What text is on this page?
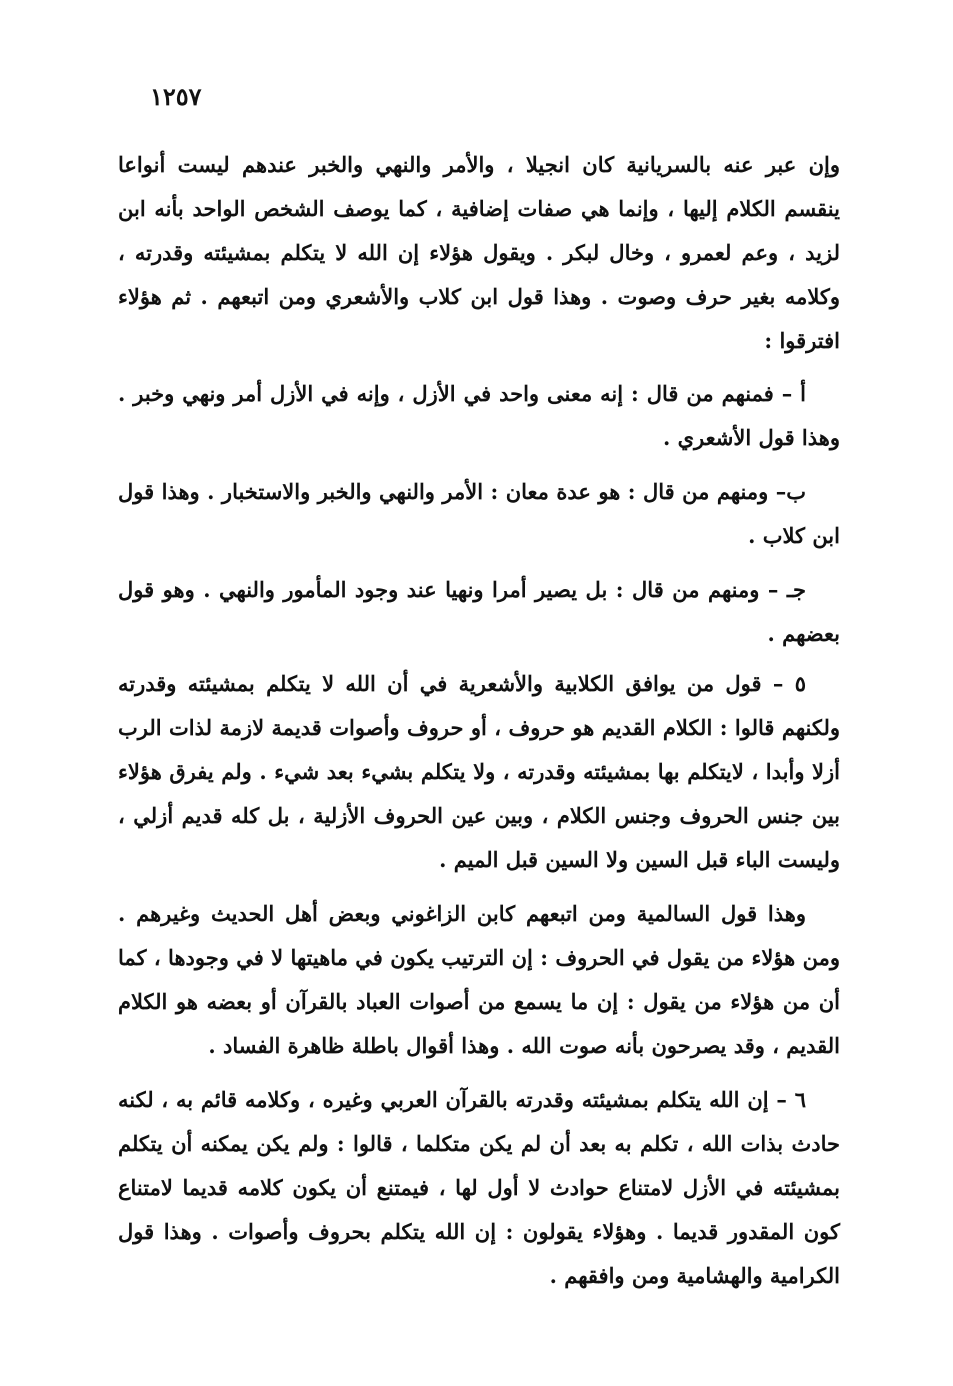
١٢٥٧

وإن عبر عنه بالسريانية كان انجيلا ، والأمر والنهي والخبر عندهم ليست أنواعا ينقسم الكلام إليها ، وإنما هي صفات إضافية ، كما يوصف الشخص الواحد بأنه ابن لزيد ، وعم لعمرو ، وخال لبكر . ويقول هؤلاء إن الله لا يتكلم بمشيئته وقدرته ، وكلامه بغير حرف وصوت . وهذا قول ابن كلاب والأشعري ومن اتبعهم . ثم هؤلاء افترقوا :

أ – فمنهم من قال : إنه معنى واحد في الأزل ، وإنه في الأزل أمر ونهي وخبر . وهذا قول الأشعري .

ب– ومنهم من قال : هو عدة معان : الأمر والنهي والخبر والاستخبار . وهذا قول ابن كلاب .

جـ – ومنهم من قال : بل يصير أمرا ونهيا عند وجود المأمور والنهي . وهو قول بعضهم .

٥ – قول من يوافق الكلابية والأشعرية في أن الله لا يتكلم بمشيئته وقدرته ولكنهم قالوا : الكلام القديم هو حروف ، أو حروف وأصوات قديمة لازمة لذات الرب أزلا وأبدا ، لايتكلم بها بمشيئته وقدرته ، ولا يتكلم بشيء بعد شيء . ولم يفرق هؤلاء بين جنس الحروف وجنس الكلام ، وبين عين الحروف الأزلية ، بل كله قديم أزلي ، وليست الباء قبل السين ولا السين قبل الميم .

وهذا قول السالمية ومن اتبعهم كابن الزاغوني وبعض أهل الحديث وغيرهم . ومن هؤلاء من يقول في الحروف : إن الترتيب يكون في ماهيتها لا في وجودها ، كما أن من هؤلاء من يقول : إن ما يسمع من أصوات العباد بالقرآن أو بعضه هو الكلام القديم ، وقد يصرحون بأنه صوت الله . وهذا أقوال باطلة ظاهرة الفساد .

٦ – إن الله يتكلم بمشيئته وقدرته بالقرآن العربي وغيره ، وكلامه قائم به ، لكنه حادث بذات الله ، تكلم به بعد أن لم يكن متكلما ، قالوا : ولم يكن يمكنه أن يتكلم بمشيئته في الأزل لامتناع حوادث لا أول لها ، فيمتنع أن يكون كلامه قديما لامتناع كون المقدور قديما . وهؤلاء يقولون : إن الله يتكلم بحروف وأصوات . وهذا قول الكرامية والهشامية ومن وافقهم .
